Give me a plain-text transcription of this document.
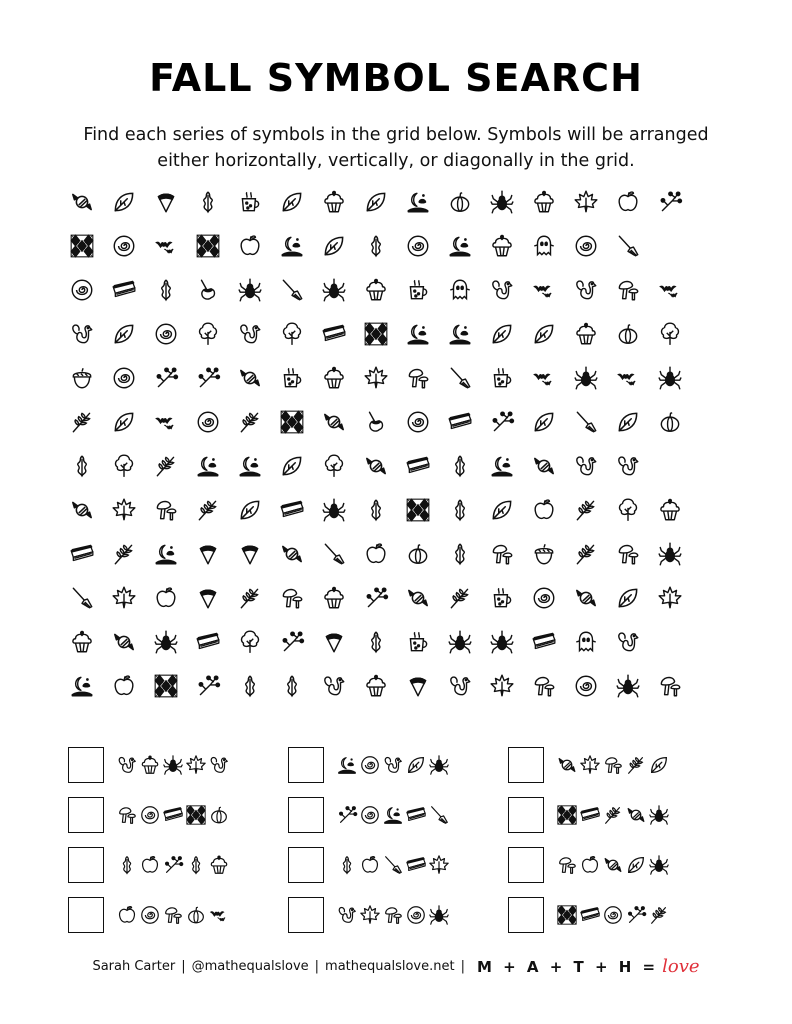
FALL SYMBOL SEARCH
Find each series of symbols in the grid below. Symbols will be arranged either horizontally, vertically, or diagonally in the grid.
Sarah Carter | @mathequalslove | mathequalslove.net | M + A + T + H = love
